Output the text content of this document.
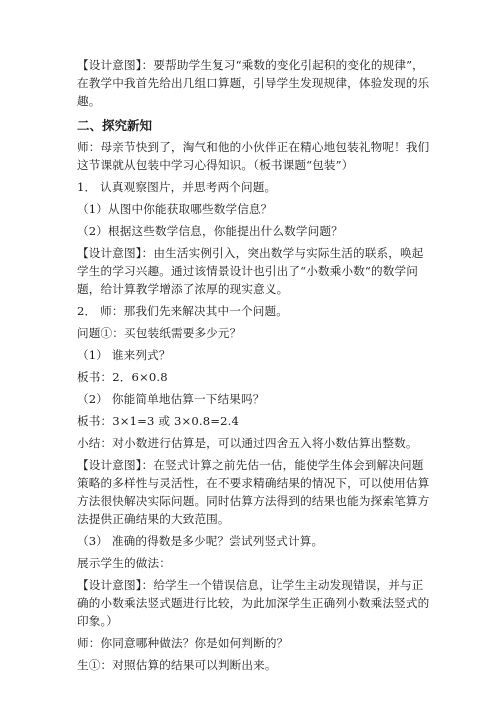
【设计意图】：要帮助学生复习“乘数的变化引起积的变化的规律”，
在教学中我首先给出几组口算题，引导学生发现规律，体验发现的乐
趣。
二、探究新知
师：母亲节快到了，淘气和他的小伙伴正在精心地包装礼物呢！我们
这节课就从包装中学习心得知识。（板书课题“包装”）
1． 认真观察图片，并思考两个问题。
（1）从图中你能获取哪些数学信息？
（2）根据这些数学信息，你能提出什么数学问题？
【设计意图】：由生活实例引入，突出数学与实际生活的联系，唤起
学生的学习兴趣。通过该情景设计也引出了“小数乘小数“的数学问
题，给计算教学增添了浓厚的现实意义。
2． 师：那我们先来解决其中一个问题。
问题①：买包装纸需要多少元？
（1） 谁来列式？
板书：2．6×0.8
（2） 你能简单地估算一下结果吗？
板书：3×1=3 或 3×0.8=2.4
小结：对小数进行估算是，可以通过四舍五入将小数估算出整数。
【设计意图】：在竖式计算之前先估一估，能使学生体会到解决问题
策略的多样性与灵活性，在不要求精确结果的情况下，可以使用估算
方法很快解决实际问题。同时估算方法得到的结果也能为探索笔算方
法提供正确结果的大致范围。
（3） 准确的得数是多少呢？尝试列竖式计算。
展示学生的做法：
【设计意图】：给学生一个错误信息，让学生主动发现错误，并与正
确的小数乘法竖式题进行比较，为此加深学生正确列小数乘法竖式的
印象。）
师：你同意哪种做法？你是如何判断的？
生①：对照估算的结果可以判断出来。
